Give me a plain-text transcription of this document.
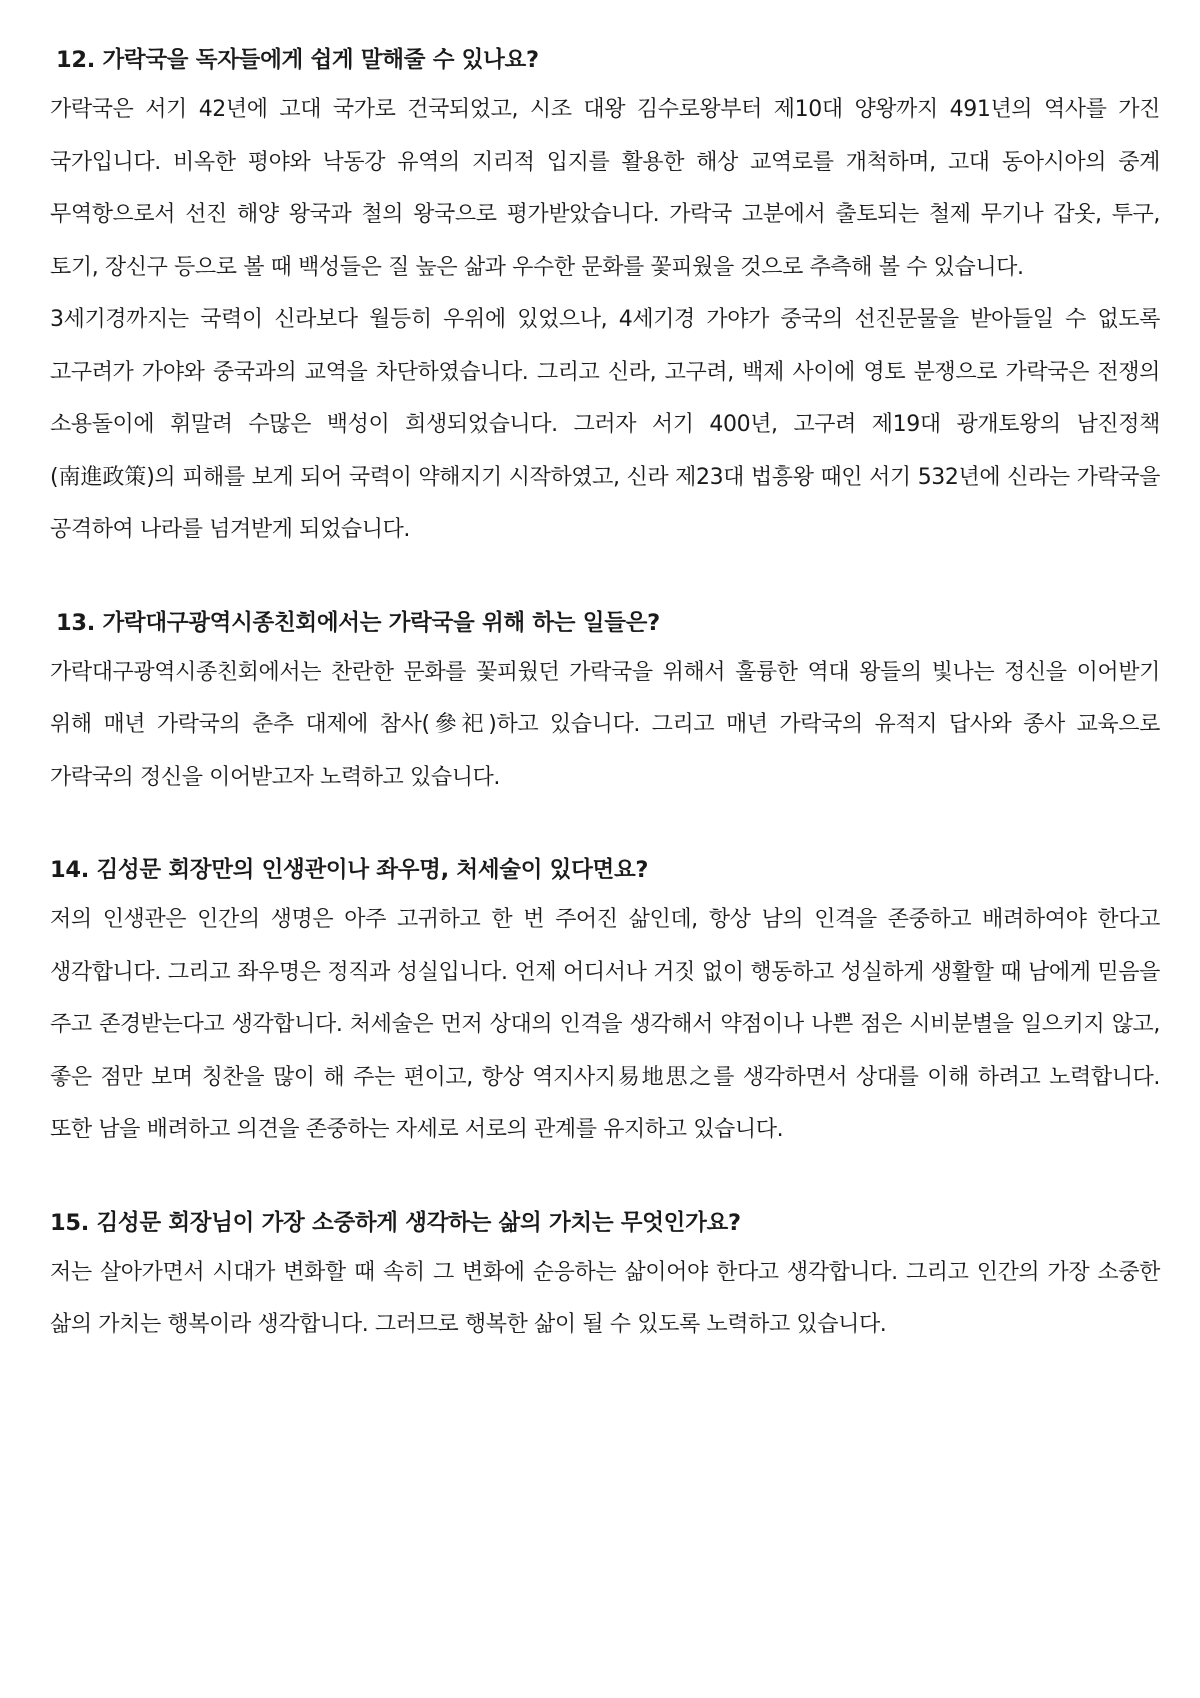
12. 가락국을 독자들에게 쉽게 말해줄 수 있나요?

가락국은 서기 42년에 고대 국가로 건국되었고, 시조 대왕 김수로왕부터 제10대 양왕까지 491년의 역사를 가진 국가입니다. 비옥한 평야와 낙동강 유역의 지리적 입지를 활용한 해상 교역로를 개척하며, 고대 동아시아의 중계 무역항으로서 선진 해양 왕국과 철의 왕국으로 평가받았습니다. 가락국 고분에서 출토되는 철제 무기나 갑옷, 투구, 토기, 장신구 등으로 볼 때 백성들은 질 높은 삶과 우수한 문화를 꽃피웠을 것으로 추측해 볼 수 있습니다.

3세기경까지는 국력이 신라보다 월등히 우위에 있었으나, 4세기경 가야가 중국의 선진문물을 받아들일 수 없도록 고구려가 가야와 중국과의 교역을 차단하였습니다. 그리고 신라, 고구려, 백제 사이에 영토 분쟁으로 가락국은 전쟁의 소용돌이에 휘말려 수많은 백성이 희생되었습니다. 그러자 서기 400년, 고구려 제19대 광개토왕의 남진정책(南進政策)의 피해를 보게 되어 국력이 약해지기 시작하였고, 신라 제23대 법흥왕 때인 서기 532년에 신라는 가락국을 공격하여 나라를 넘겨받게 되었습니다.

13. 가락대구광역시종친회에서는 가락국을 위해 하는 일들은?

가락대구광역시종친회에서는 찬란한 문화를 꽃피웠던 가락국을 위해서 훌륭한 역대 왕들의 빛나는 정신을 이어받기 위해 매년 가락국의 춘추 대제에 참사(參祀)하고 있습니다. 그리고 매년 가락국의 유적지 답사와 종사 교육으로 가락국의 정신을 이어받고자 노력하고 있습니다.

14. 김성문 회장만의 인생관이나 좌우명, 처세술이 있다면요?

저의 인생관은 인간의 생명은 아주 고귀하고 한 번 주어진 삶인데, 항상 남의 인격을 존중하고 배려하여야 한다고 생각합니다. 그리고 좌우명은 정직과 성실입니다. 언제 어디서나 거짓 없이 행동하고 성실하게 생활할 때 남에게 믿음을 주고 존경받는다고 생각합니다. 처세술은 먼저 상대의 인격을 생각해서 약점이나 나쁜 점은 시비분별을 일으키지 않고, 좋은 점만 보며 칭찬을 많이 해 주는 편이고, 항상 역지사지易地思之를 생각하면서 상대를 이해 하려고 노력합니다. 또한 남을 배려하고 의견을 존중하는 자세로 서로의 관계를 유지하고 있습니다.

15. 김성문 회장님이 가장 소중하게 생각하는 삶의 가치는 무엇인가요?

저는 살아가면서 시대가 변화할 때 속히 그 변화에 순응하는 삶이어야 한다고 생각합니다. 그리고 인간의 가장 소중한 삶의 가치는 행복이라 생각합니다. 그러므로 행복한 삶이 될 수 있도록 노력하고 있습니다.
